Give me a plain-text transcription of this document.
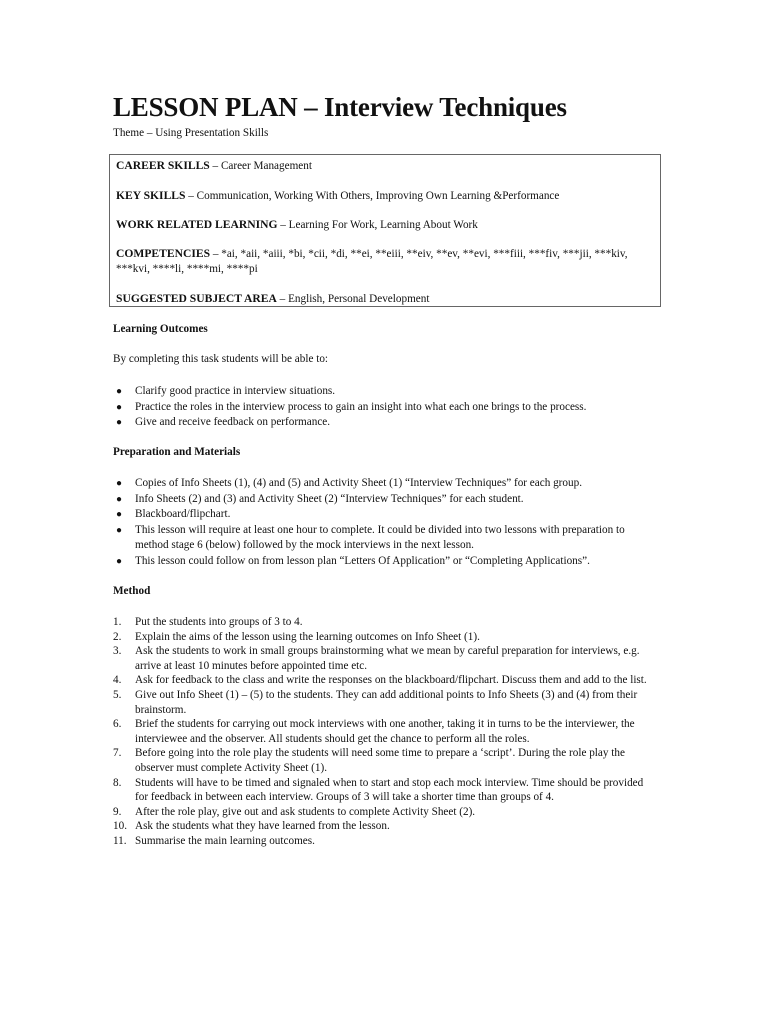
LESSON PLAN – Interview Techniques

Theme – Using Presentation Skills

CAREER SKILLS – Career Management

KEY SKILLS – Communication, Working With Others, Improving Own Learning &Performance

WORK RELATED LEARNING – Learning For Work, Learning About Work

COMPETENCIES – *ai, *aii, *aiii, *bi, *cii, *di, **ei, **eiii, **eiv, **ev, **evi, ***fiii, ***fiv, ***jii, ***kiv, ***kvi, ****li, ****mi, ****pi

SUGGESTED SUBJECT AREA – English, Personal Development

Learning Outcomes

By completing this task students will be able to:

● Clarify good practice in interview situations.
● Practice the roles in the interview process to gain an insight into what each one brings to the process.
● Give and receive feedback on performance.
Preparation and Materials
● Copies of Info Sheets (1), (4) and (5) and Activity Sheet (1) “Interview Techniques” for each group.
● Info Sheets (2) and (3) and Activity Sheet (2) “Interview Techniques” for each student.
● Blackboard/flipchart.
● This lesson will require at least one hour to complete. It could be divided into two lessons with preparation to method stage 6 (below) followed by the mock interviews in the next lesson.
● This lesson could follow on from lesson plan “Letters Of Application” or “Completing Applications”.
Method
1. Put the students into groups of 3 to 4.
2. Explain the aims of the lesson using the learning outcomes on Info Sheet (1).
3. Ask the students to work in small groups brainstorming what we mean by careful preparation for interviews, e.g. arrive at least 10 minutes before appointed time etc.
4. Ask for feedback to the class and write the responses on the blackboard/flipchart. Discuss them and add to the list.
5. Give out Info Sheet (1) – (5) to the students. They can add additional points to Info Sheets (3) and (4) from their brainstorm.
6. Brief the students for carrying out mock interviews with one another, taking it in turns to be the interviewer, the interviewee and the observer. All students should get the chance to perform all the roles.
7. Before going into the role play the students will need some time to prepare a ‘script’. During the role play the observer must complete Activity Sheet (1).
8. Students will have to be timed and signaled when to start and stop each mock interview. Time should be provided for feedback in between each interview. Groups of 3 will take a shorter time than groups of 4.
9. After the role play, give out and ask students to complete Activity Sheet (2).
10. Ask the students what they have learned from the lesson.
11. Summarise the main learning outcomes.
